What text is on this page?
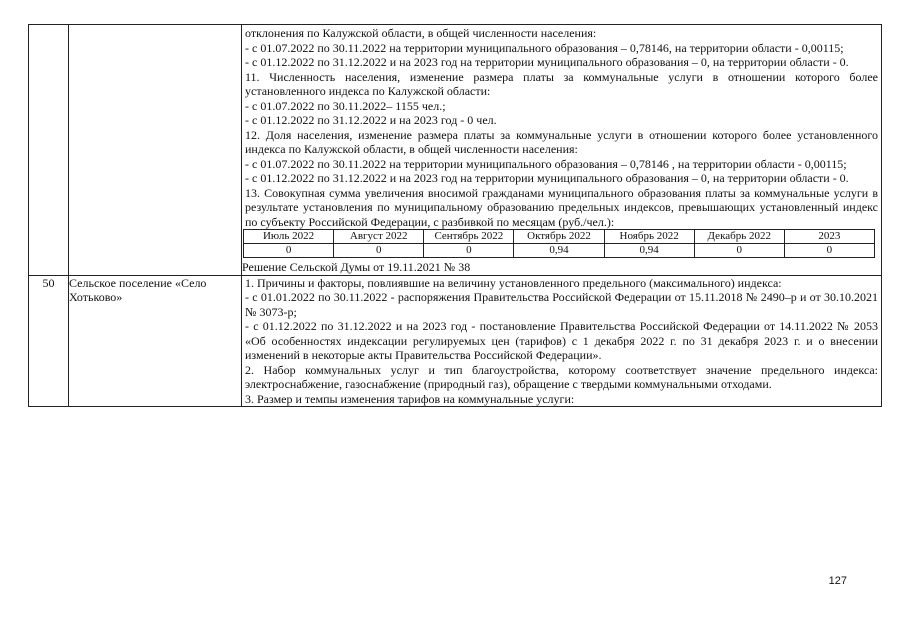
отклонения по Калужской области, в общей численности населения:

- с 01.07.2022 по 30.11.2022 на территории муниципального образования – 0,78146, на территории области - 0,00115;

- с 01.12.2022 по 31.12.2022 и на 2023 год на территории муниципального образования – 0, на территории области - 0.

11. Численность населения, изменение размера платы за коммунальные услуги в отношении которого более установленного индекса по Калужской области:

- с 01.07.2022 по 30.11.2022– 1155 чел.;

- с 01.12.2022 по 31.12.2022 и на 2023 год - 0 чел.

12. Доля населения, изменение размера платы за коммунальные услуги в отношении которого более установленного индекса по Калужской области, в общей численности населения:

- с 01.07.2022 по 30.11.2022 на территории муниципального образования – 0,78146 , на территории области - 0,00115;

- с 01.12.2022 по 31.12.2022 и на 2023 год на территории муниципального образования – 0, на территории области - 0.

13. Совокупная сумма увеличения вносимой гражданами муниципального образования платы за коммунальные услуги в результате установления по муниципальному образованию предельных индексов, превышающих установленный индекс по субъекту Российской Федерации, с разбивкой по месяцам (руб./чел.):

Июль 2022	Август 2022	Сентябрь 2022	Октябрь 2022	Ноябрь 2022	Декабрь 2022	2023
0	0	0	0,94	0,94	0	0
Решение Сельской Думы от 19.11.2021 № 38

50	Сельское поселение «Село Хотьково»	

1. Причины и факторы, повлиявшие на величину установленного предельного (максимального) индекса:

- с 01.01.2022 по 30.11.2022 - распоряжения Правительства Российской Федерации от 15.11.2018 № 2490–р и от 30.10.2021 № 3073-р;

- с 01.12.2022 по 31.12.2022 и на 2023 год - постановление Правительства Российской Федерации от 14.11.2022 № 2053 «Об особенностях индексации регулируемых цен (тарифов) с 1 декабря 2022 г. по 31 декабря 2023 г. и о внесении изменений в некоторые акты Правительства Российской Федерации».

2. Набор коммунальных услуг и тип благоустройства, которому соответствует значение предельного индекса: электроснабжение, газоснабжение (природный газ), обращение с твердыми коммунальными отходами.

3. Размер и темпы изменения тарифов на коммунальные услуги:

127
